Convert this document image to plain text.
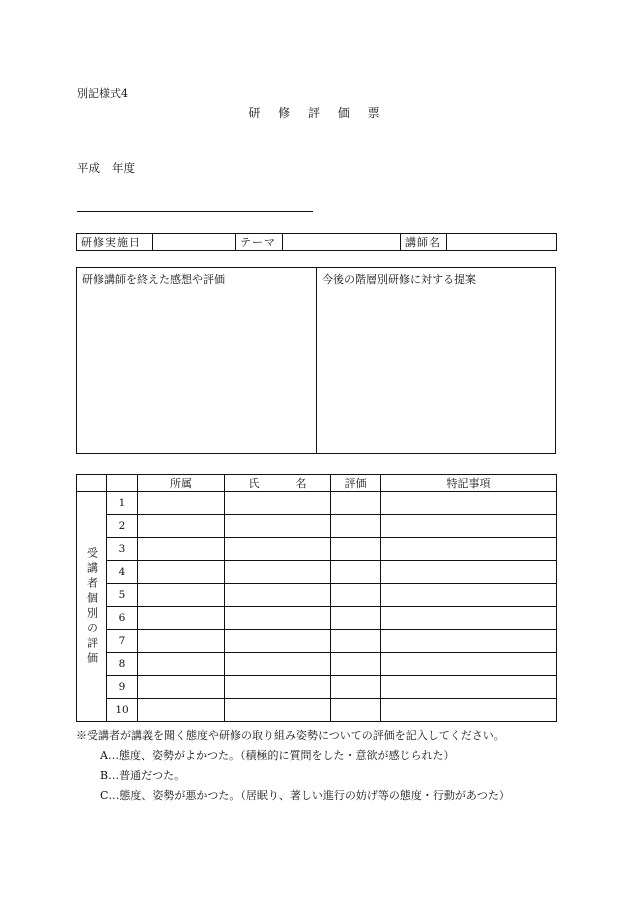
別記様式4
研 修 評 価 票
平成 年度
研修実施日		テーマ		講師名	
研修講師を終えた感想や評価	今後の階層別研修に対する提案
		所属	氏 名	評価	特記事項

受講者個別の評価	1				
	2				
	3				
	4				
	5				
	6				
	7				
	8				
	9				
	10				
※受講者が講義を聞く態度や研修の取り組み姿勢についての評価を記入してください。
A…態度、姿勢がよかつた。（積極的に質問をした・意欲が感じられた）
B…普通だつた。
C…態度、姿勢が悪かつた。（居眠り、著しい進行の妨げ等の態度・行動があつた）
